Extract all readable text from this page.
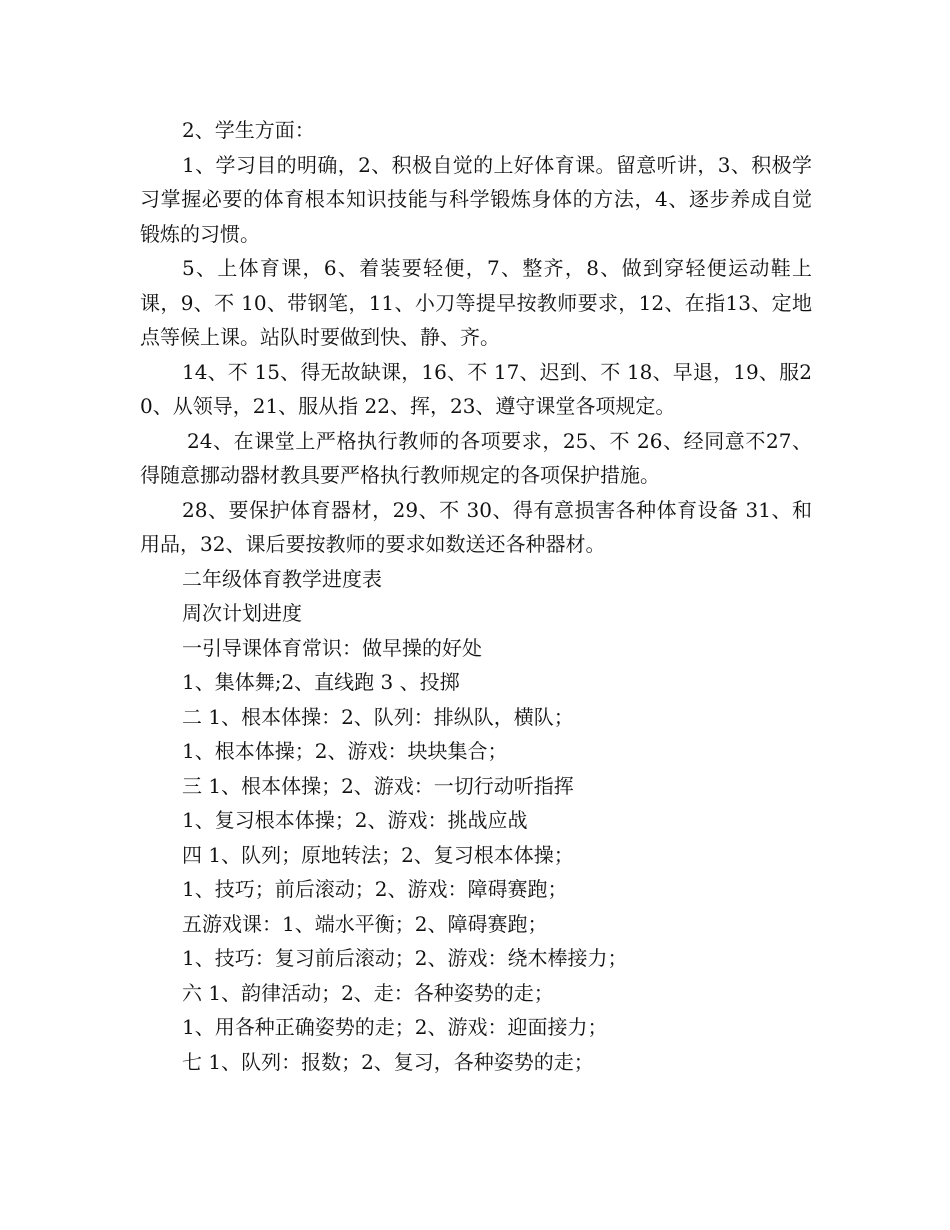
2、学生方面：

1、学习目的明确，2、积极自觉的上好体育课。留意听讲，3、积极学习掌握必要的体育根本知识技能与科学锻炼身体的方法，4、逐步养成自觉锻炼的习惯。

5、上体育课，6、着装要轻便，7、整齐，8、做到穿轻便运动鞋上课，9、不 10、带钢笔，11、小刀等提早按教师要求，12、在指13、定地点等候上课。站队时要做到快、静、齐。

14、不 15、得无故缺课，16、不 17、迟到、不 18、早退，19、服20、从领导，21、服从指 22、挥，23、遵守课堂各项规定。

24、在课堂上严格执行教师的各项要求，25、不 26、经同意不27、得随意挪动器材教具要严格执行教师规定的各项保护措施。

28、要保护体育器材，29、不 30、得有意损害各种体育设备 31、和用品，32、课后要按教师的要求如数送还各种器材。

二年级体育教学进度表
周次计划进度
一引导课体育常识：做早操的好处
1、集体舞;2、直线跑 3 、投掷
二 1、根本体操：2、队列：排纵队，横队；
1、根本体操；2、游戏：块块集合；
三 1、根本体操；2、游戏：一切行动听指挥
1、复习根本体操；2、游戏：挑战应战
四 1、队列；原地转法；2、复习根本体操；
1、技巧；前后滚动；2、游戏：障碍赛跑；
五游戏课：1、端水平衡；2、障碍赛跑；
1、技巧：复习前后滚动；2、游戏：绕木棒接力；
六 1、韵律活动；2、走：各种姿势的走；
1、用各种正确姿势的走；2、游戏：迎面接力；
七 1、队列：报数；2、复习，各种姿势的走；
